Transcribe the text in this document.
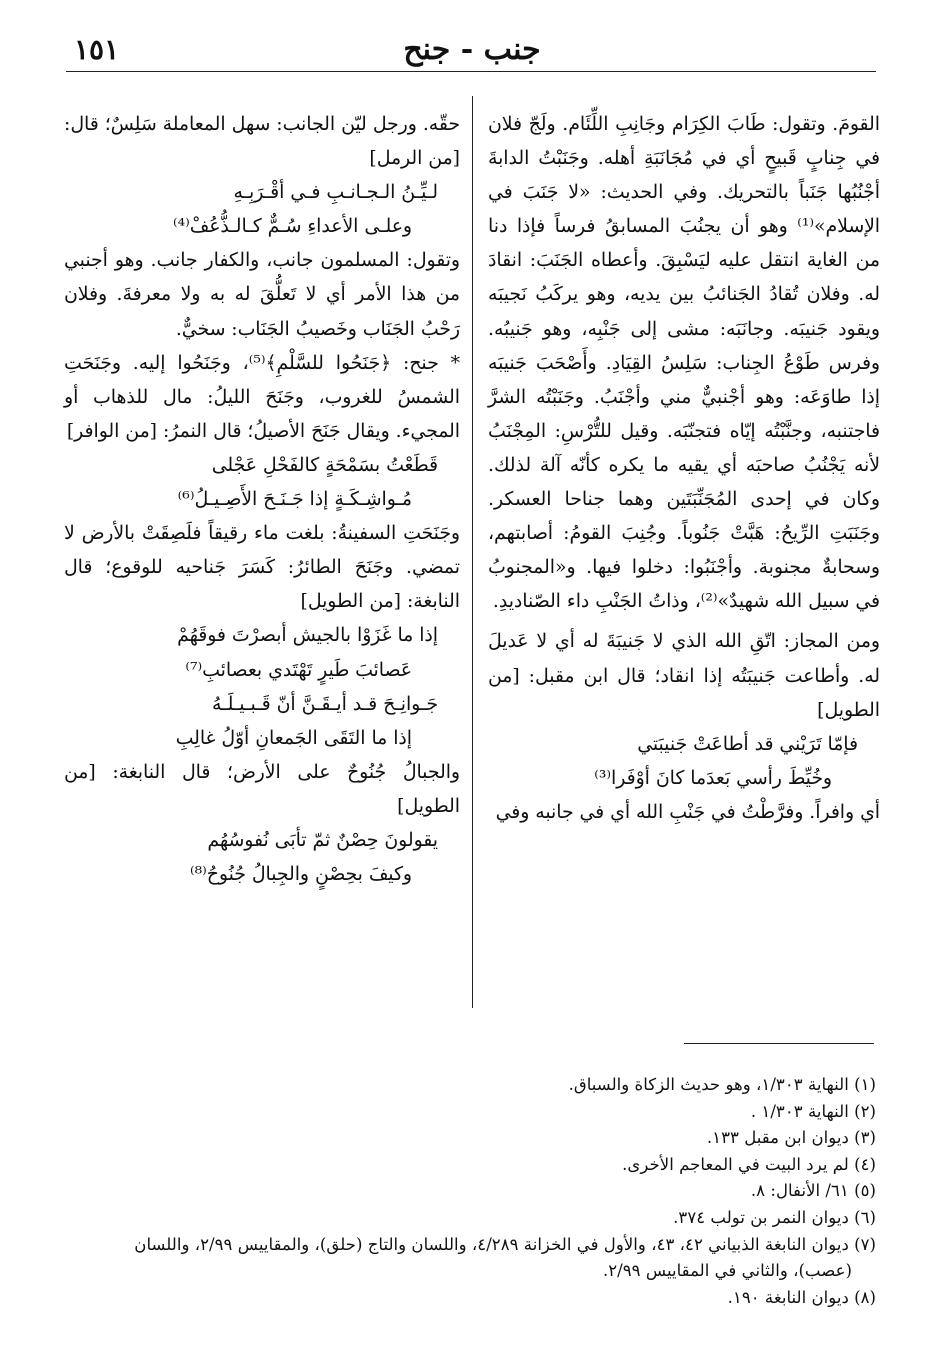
جنب - جنح
١٥١

القومَ. وتقول: طَابَ الكِرَام وجَانِبِ اللِّئَام. ولَجّ فلان في جِنابٍ قَبيحٍ أي في مُجَانَبَةِ أهله. وجَنَبْتُ الدابةَ أجْنُبُها جَنَباً بالتحريك. وفي الحديث: «لا جَنَبَ في الإسلام»⁽¹⁾ وهو أن يجنُبَ المسابقُ فرساً فإذا دنا من الغاية انتقل عليه ليَسْبِقَ. وأعطاه الجَنَبَ: انقادَ له. وفلان تُقادُ الجَنائبُ بين يديه، وهو يركَبُ نَجيبَه ويقود جَنيبَه. وجانَبَه: مشى إلى جَنْبِه، وهو جَنيبُه. وفرس طَوْعُ الجِناب: سَلِسُ القِيَادِ. وأَصْحَبَ جَنيبَه إذا طاوَعَه: وهو أجْنبيٌّ مني وأجْنَبُ. وجَنَبْتُه الشرَّ فاجتنبه، وجنَّبْتُه إيّاه فتجنّبَه. وقيل للتُّرْسِ: المِجْنَبُ لأنه يَجْنُبُ صاحبَه أي يقيه ما يكره كأنّه آلة لذلك. وكان في إحدى المُجَنِّبَتَين وهما جناحا العسكر. وجَنَبَتِ الرِّيحُ: هَبَّتْ جَنُوباً. وجُنِبَ القومُ: أصابتهم، وسحابةٌ مجنوبة. وأجْنَبُوا: دخلوا فيها. و«المجنوبُ في سبيل الله شهيدٌ»⁽²⁾، وذاتُ الجَنْبِ داء الصّناديدِ.

ومن المجاز: اتّقِ الله الذي لا جَنيبَةَ له أي لا عَديلَ له. وأطاعت جَنيبَتُه إذا انقاد؛ قال ابن مقبل: [من الطويل]

فإمّا تَرَيْني قد أطاعَتْ جَنيبَتي
وخُيِّطَ رأسي بَعدَما كانَ أوْفَرا⁽³⁾

أي وافراً. وفرَّطْتُ في جَنْبِ الله أي في جانبه وفي

حقّه. ورجل ليّن الجانب: سهل المعاملة سَلِسٌ؛ قال: [من الرمل]

لـيِّـنُ الـجـانـبِ فـي أقْـرَبِـهِ
وعلـى الأعداءِ سُـمٌّ كـالـذُّعُفْ⁽⁴⁾

وتقول: المسلمون جانب، والكفار جانب. وهو أجنبي من هذا الأمر أي لا تَعلُّقَ له به ولا معرفةَ. وفلان رَحْبُ الجَنَاب وخَصيبُ الجَنَاب: سخيٌّ.

* جنح: ﴿جَنَحُوا للسَّلْمِ﴾⁽⁵⁾، وجَنَحُوا إليه. وجَنَحَتِ الشمسُ للغروب، وجَنَحَ الليلُ: مال للذهاب أو المجيء. ويقال جَنَحَ الأصيلُ؛ قال النمرُ: [من الوافر]

قَطَعْتُ بسَمْحَةٍ كالفَحْلِ عَجْلى
مُـواشِـكَـةٍ إذا جَـنَـحَ الأَصِـيـلُ⁽⁶⁾

وجَنَحَتِ السفينةُ: بلغت ماء رقيقاً فلَصِقَتْ بالأرض لا تمضي. وجَنَحَ الطائرُ: كَسَرَ جَناحيه للوقوع؛ قال النابغة: [من الطويل]

إذا ما غَزَوْا بالجيش أبصرْتَ فوقَهُمْ
عَصائبَ طَيرٍ تَهْتَدي بعصائبِ⁽⁷⁾
جَـوانِـحَ قـد أيـقَـنَّ أنّ قَـبـيـلَـهُ
إذا ما التَقَى الجَمعانِ أوّلُ غالِبِ

والجبالُ جُنُوحٌ على الأرض؛ قال النابغة: [من الطويل]

يقولونَ حِصْنٌ ثمّ تأبَى نُفوسُهُم
وكيفَ بحِصْنٍ والجِبالُ جُنُوحُ⁽⁸⁾
(١) النهاية ١/٣٠٣، وهو حديث الزكاة والسباق.
(٢) النهاية ١/٣٠٣ .
(٣) ديوان ابن مقبل ١٣٣.
(٤) لم يرد البيت في المعاجم الأخرى.
(٥) ٦١/ الأنفال: ٨.
(٦) ديوان النمر بن تولب ٣٧٤.
(٧) ديوان النابغة الذبياني ٤٢، ٤٣، والأول في الخزانة ٤/٢٨٩، واللسان والتاج (حلق)، والمقاييس ٢/٩٩، واللسان
(عصب)، والثاني في المقاييس ٢/٩٩.
(٨) ديوان النابغة ١٩٠.
